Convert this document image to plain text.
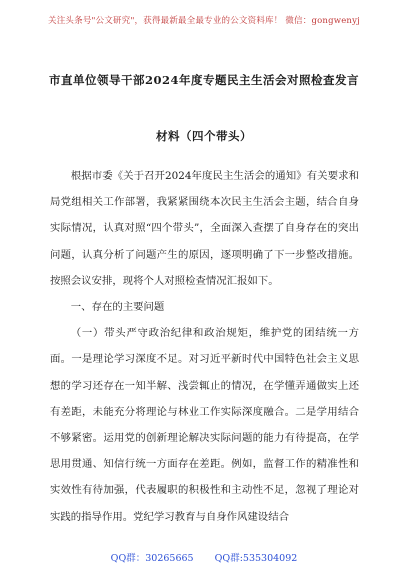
关注头条号"公文研究"，获得最新最全最专业的公文资料库！ 微信：gongwenyj
市直单位领导干部2024年度专题民主生活会对照检查发言
材料（四个带头）

根据市委《关于召开2024年度民主生活会的通知》有关要求和局党组相关工作部署，我紧紧围绕本次民主生活会主题，结合自身实际情况，认真对照“四个带头”，全面深入查摆了自身存在的突出问题，认真分析了问题产生的原因，逐项明确了下一步整改措施。按照会议安排，现将个人对照检查情况汇报如下。

一、存在的主要问题

（一）带头严守政治纪律和政治规矩，维护党的团结统一方面。一是理论学习深度不足。对习近平新时代中国特色社会主义思想的学习还存在一知半解、浅尝辄止的情况，在学懂弄通做实上还有差距，未能充分将理论与林业工作实际深度融合。二是学用结合不够紧密。运用党的创新理论解决实际问题的能力有待提高，在学思用贯通、知信行统一方面存在差距。例如，监督工作的精准性和实效性有待加强，代表履职的积极性和主动性不足，忽视了理论对实践的指导作用。党纪学习教育与自身作风建设结合

QQ群：30265665 QQ群:535304092
